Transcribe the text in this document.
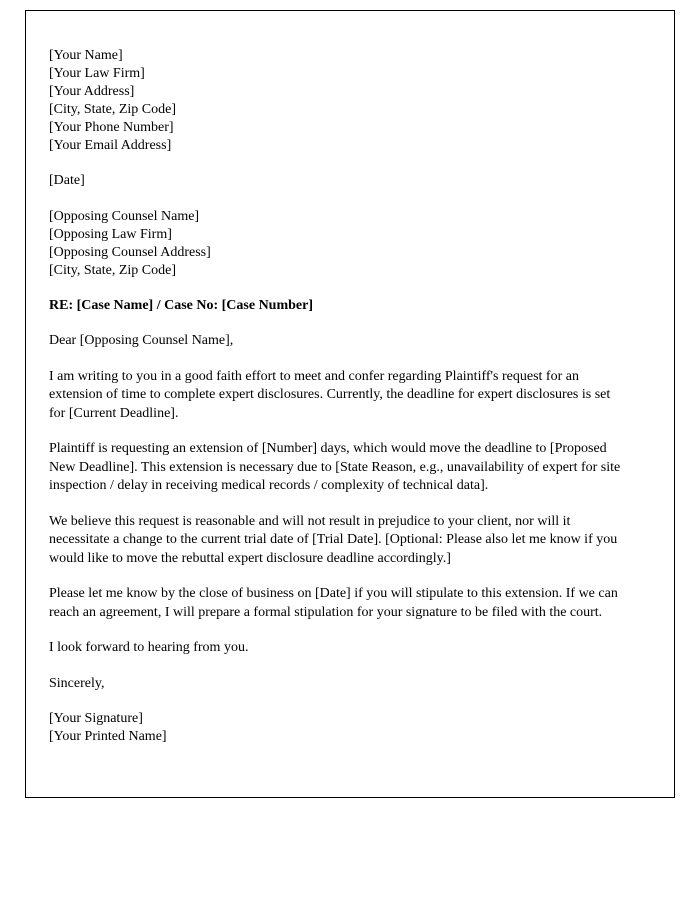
[Your Name]
[Your Law Firm]
[Your Address]
[City, State, Zip Code]
[Your Phone Number]
[Your Email Address]

[Date]

[Opposing Counsel Name]
[Opposing Law Firm]
[Opposing Counsel Address]
[City, State, Zip Code]

RE: [Case Name] / Case No: [Case Number]

Dear [Opposing Counsel Name],

I am writing to you in a good faith effort to meet and confer regarding Plaintiff's request for an extension of time to complete expert disclosures. Currently, the deadline for expert disclosures is set for [Current Deadline].

Plaintiff is requesting an extension of [Number] days, which would move the deadline to [Proposed New Deadline]. This extension is necessary due to [State Reason, e.g., unavailability of expert for site inspection / delay in receiving medical records / complexity of technical data].

We believe this request is reasonable and will not result in prejudice to your client, nor will it necessitate a change to the current trial date of [Trial Date]. [Optional: Please also let me know if you would like to move the rebuttal expert disclosure deadline accordingly.]

Please let me know by the close of business on [Date] if you will stipulate to this extension. If we can reach an agreement, I will prepare a formal stipulation for your signature to be filed with the court.

I look forward to hearing from you.

Sincerely,

[Your Signature]
[Your Printed Name]
